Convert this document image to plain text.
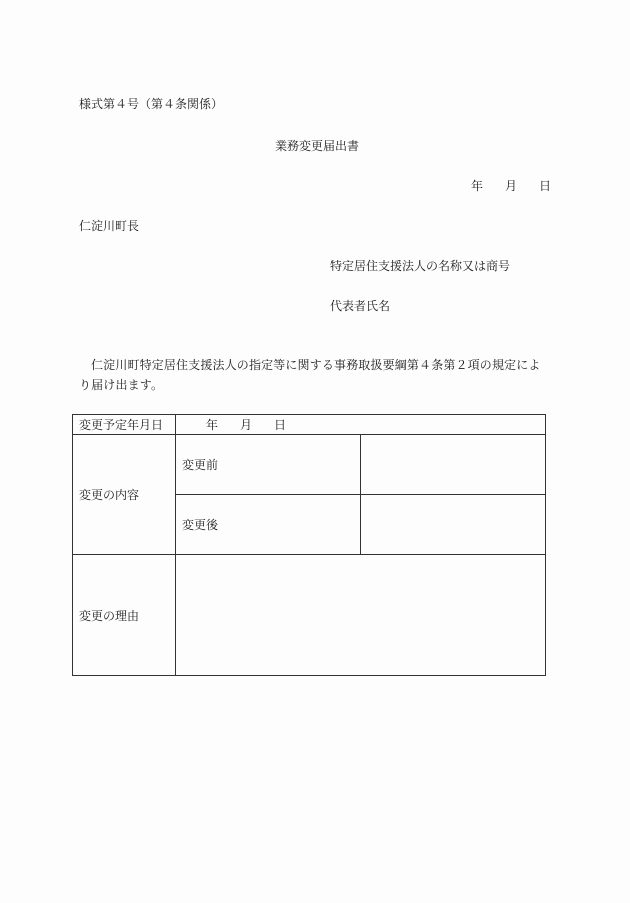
様式第４号（第４条関係）
業務変更届出書
年 月 日
仁淀川町長
特定居住支援法人の名称又は商号
代表者氏名
仁淀川町特定居住支援法人の指定等に関する事務取扱要綱第４条第２項の規定により届け出ます。
変更予定年月日	年 月 日	
変更の内容	変更前	
	変更後	
変更の理由		
